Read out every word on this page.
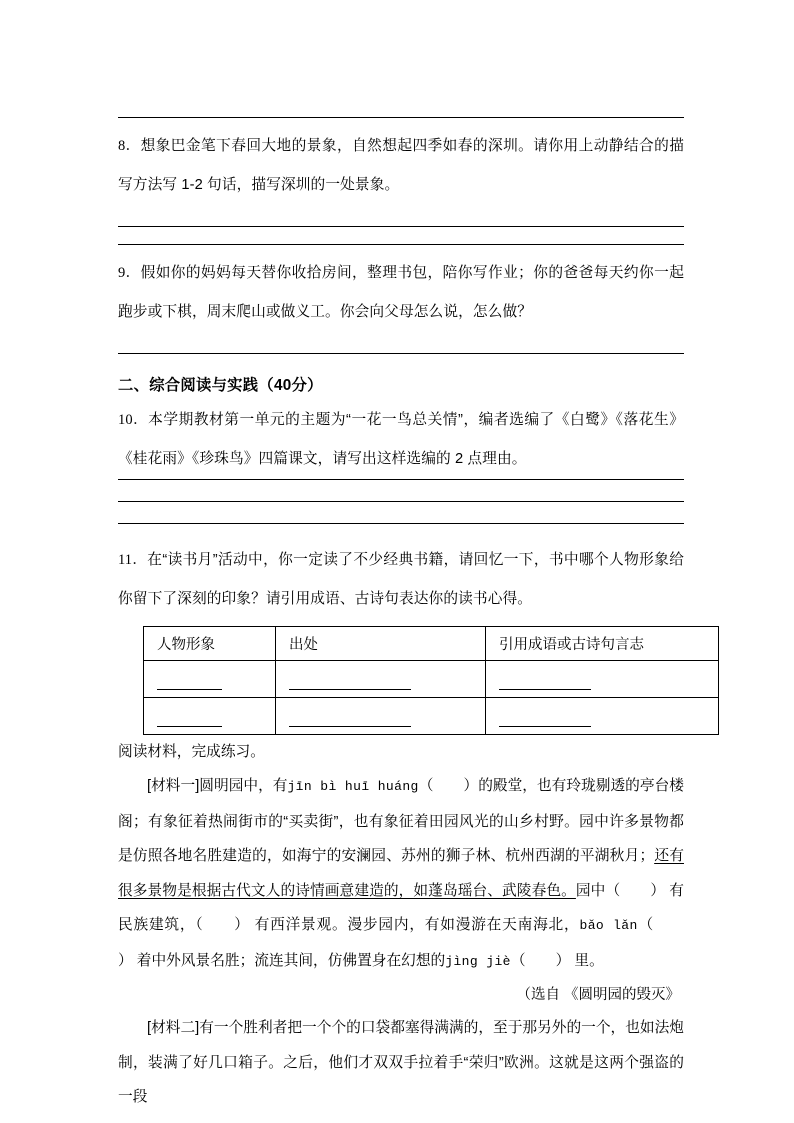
8．想象巴金笔下春回大地的景象，自然想起四季如春的深圳。请你用上动静结合的描写方法写 1-2 句话，描写深圳的一处景象。
9．假如你的妈妈每天替你收拾房间，整理书包，陪你写作业；你的爸爸每天约你一起跑步或下棋，周末爬山或做义工。你会向父母怎么说，怎么做？
二、综合阅读与实践（40分）
10．本学期教材第一单元的主题为“一花一鸟总关情”，编者选编了《白鹭》《落花生》《桂花雨》《珍珠鸟》四篇课文，请写出这样选编的 2 点理由。
11．在“读书月”活动中，你一定读了不少经典书籍，请回忆一下，书中哪个人物形象给你留下了深刻的印象？请引用成语、古诗句表达你的读书心得。
人物形象	出处	引用成语或古诗句言志

阅读材料，完成练习。
[材料一]圆明园中，有jīn bì huī huáng（ ）的殿堂，也有玲珑剔透的亭台楼阁；有象征着热闹街市的“买卖街”，也有象征着田园风光的山乡村野。园中许多景物都是仿照各地名胜建造的，如海宁的安澜园、苏州的狮子林、杭州西湖的平湖秋月；还有很多景物是根据古代文人的诗情画意建造的，如蓬岛瑶台、武陵春色。园中（ ） 有民族建筑，（ ） 有西洋景观。漫步园内，有如漫游在天南海北，bǎo lǎn（） 着中外风景名胜；流连其间，仿佛置身在幻想的jìng jiè（ ） 里。
（选自 《圆明园的毁灭》
[材料二]有一个胜利者把一个个的口袋都塞得满满的，至于那另外的一个，也如法炮制，装满了好几口箱子。之后，他们才双双手拉着手“荣归”欧洲。这就是这两个强盗的一段
